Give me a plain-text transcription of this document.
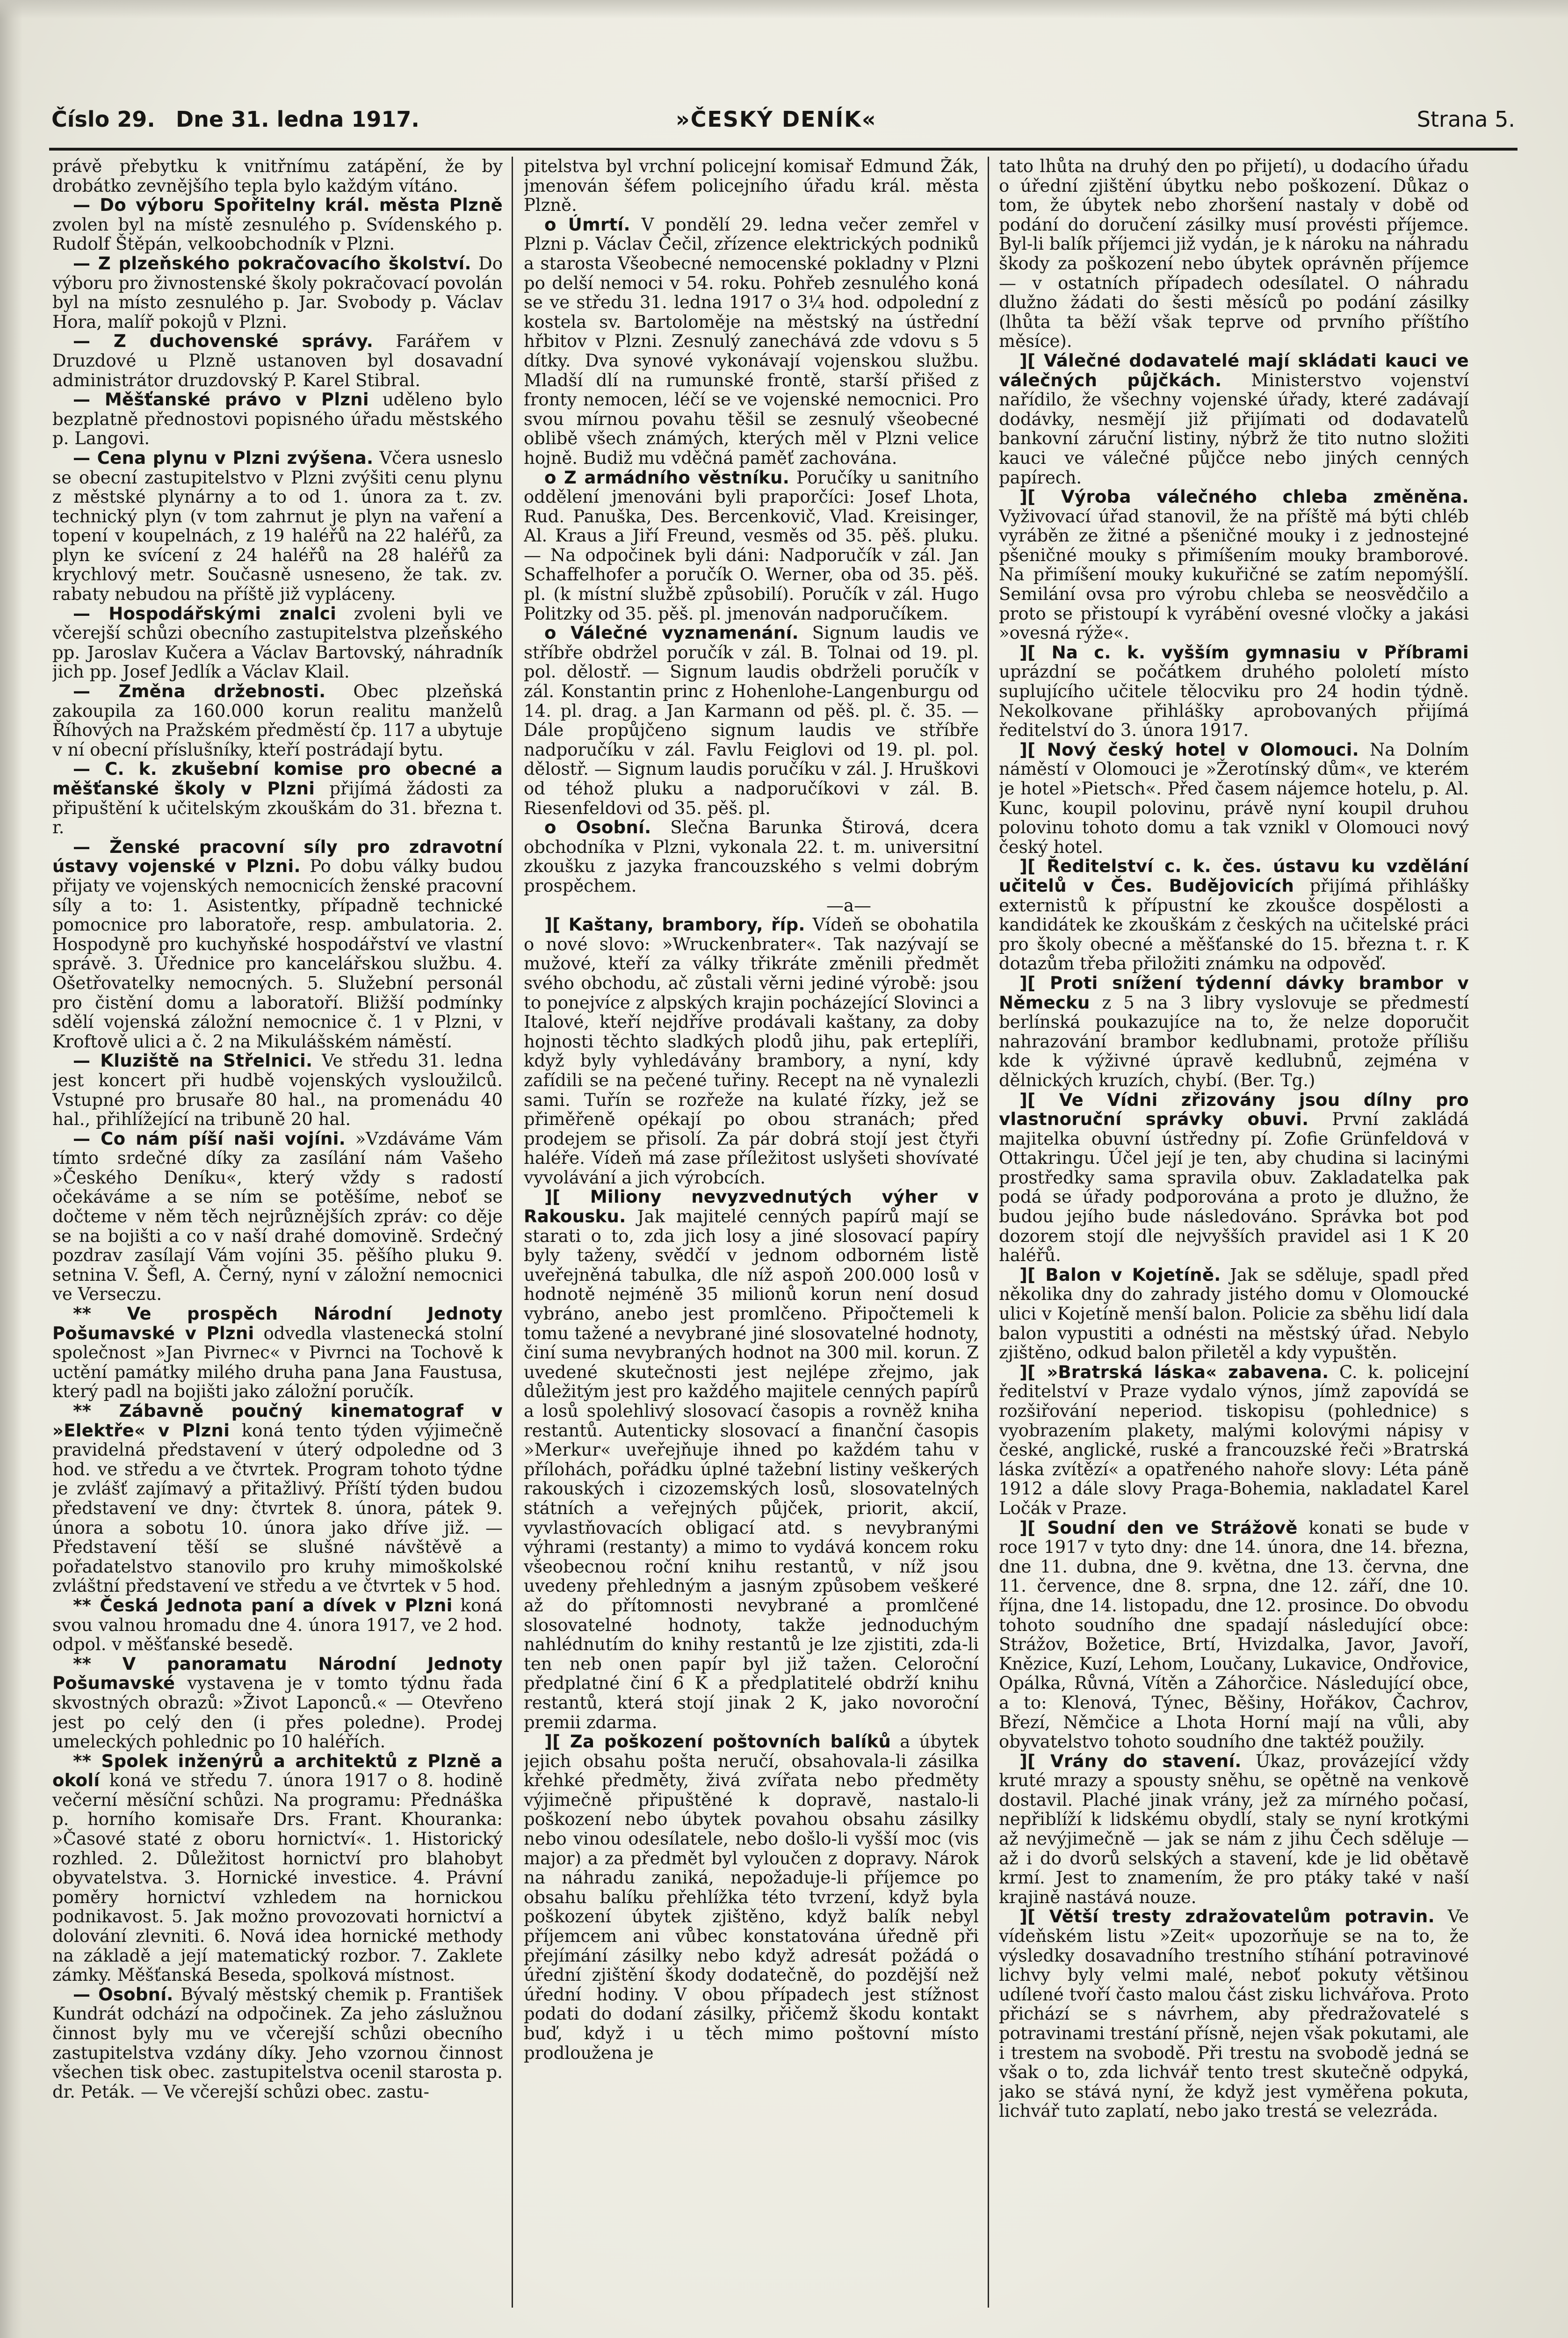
Číslo 29. Dne 31. ledna 1917.	»ČESKÝ DENÍK«	Strana 5.

právě přebytku k vnitřnímu zatápění, že by drobátko zevnějšího tepla bylo každým vítáno.

— Do výboru Spořitelny král. města Plzně zvolen byl na místě zesnulého p. Svídenského p. Rudolf Štěpán, velkoobchodník v Plzni.

— Z plzeňského pokračovacího školství. Do výboru pro živnostenské školy pokračovací povolán byl na místo zesnulého p. Jar. Svobody p. Václav Hora, malíř pokojů v Plzni.

— Z duchovenské správy. Farářem v Druzdové u Plzně ustanoven byl dosavadní administrátor druzdovský P. Karel Stibral.

— Měšťanské právo v Plzni uděleno bylo bezplatně přednostovi popisného úřadu městského p. Langovi.

— Cena plynu v Plzni zvýšena. Včera usneslo se obecní zastupitelstvo v Plzni zvýšiti cenu plynu z městské plynárny a to od 1. února za t. zv. technický plyn (v tom zahrnut je plyn na vaření a topení v koupelnách, z 19 haléřů na 22 haléřů, za plyn ke svícení z 24 haléřů na 28 haléřů za krychlový metr. Současně usneseno, že tak. zv. rabaty nebudou na příště již vypláceny.

— Hospodářskými znalci zvoleni byli ve včerejší schůzi obecního zastupitelstva plzeňského pp. Jaroslav Kučera a Václav Bartovský, náhradník jich pp. Josef Jedlík a Václav Klail.

— Změna držebnosti. Obec plzeňská zakoupila za 160.000 korun realitu manželů Říhových na Pražském předměstí čp. 117 a ubytuje v ní obecní příslušníky, kteří postrádají bytu.

— C. k. zkušební komise pro obecné a měšťanské školy v Plzni přijímá žádosti za připuštění k učitelským zkouškám do 31. března t. r.

— Ženské pracovní síly pro zdravotní ústavy vojenské v Plzni. Po dobu války budou přijaty ve vojenských nemocnicích ženské pracovní síly a to: 1. Asistentky, případně technické pomocnice pro laboratoře, resp. ambulatoria. 2. Hospodyně pro kuchyňské hospodářství ve vlastní správě. 3. Úřednice pro kancelářskou službu. 4. Ošetřovatelky nemocných. 5. Služební personál pro čistění domu a laboratoří. Bližší podmínky sdělí vojenská záložní nemocnice č. 1 v Plzni, v Kroftově ulici a č. 2 na Mikulášském náměstí.

— Kluziště na Střelnici. Ve středu 31. ledna jest koncert při hudbě vojenských vysloužilců. Vstupné pro brusaře 80 hal., na promenádu 40 hal., přihlížející na tribuně 20 hal.

— Co nám píší naši vojíni. »Vzdáváme Vám tímto srdečné díky za zasílání nám Vašeho »Českého Deníku«, který vždy s radostí očekáváme a se ním se potěšíme, neboť se dočteme v něm těch nejrůznějších zpráv: co děje se na bojišti a co v naší drahé domovině. Srdečný pozdrav zasílají Vám vojíni 35. pěšího pluku 9. setnina V. Šefl, A. Černý, nyní v záložní nemocnici ve Verseczu.

** Ve prospěch Národní Jednoty Pošumavské v Plzni odvedla vlastenecká stolní společnost »Jan Pivrnec« v Pivrnci na Tochově k uctění památky milého druha pana Jana Faustusa, který padl na bojišti jako záložní poručík.

** Zábavně poučný kinematograf v »Elektře« v Plzni koná tento týden výjimečně pravidelná představení v úterý odpoledne od 3 hod. ve středu a ve čtvrtek. Program tohoto týdne je zvlášť zajímavý a přitažlivý. Příští týden budou představení ve dny: čtvrtek 8. února, pátek 9. února a sobotu 10. února jako dříve již. — Představení těší se slušné návštěvě a pořadatelstvo stanovilo pro kruhy mimoškolské zvláštní představení ve středu a ve čtvrtek v 5 hod.

** Česká Jednota paní a dívek v Plzni koná svou valnou hromadu dne 4. února 1917, ve 2 hod. odpol. v měšťanské besedě.

** V panoramatu Národní Jednoty Pošumavské vystavena je v tomto týdnu řada skvostných obrazů: »Život Laponců.« — Otevřeno jest po celý den (i přes poledne). Prodej umeleckých pohlednic po 10 haléřích.

** Spolek inženýrů a architektů z Plzně a okolí koná ve středu 7. února 1917 o 8. hodině večerní měsíční schůzi. Na programu: Přednáška p. horního komisaře Drs. Frant. Khouranka: »Časové staté z oboru hornictví«. 1. Historický rozhled. 2. Důležitost hornictví pro blahobyt obyvatelstva. 3. Hornické investice. 4. Právní poměry hornictví vzhledem na hornickou podnikavost. 5. Jak možno provozovati hornictví a dolování zlevniti. 6. Nová idea hornické methody na základě a její matematický rozbor. 7. Zaklete zámky. Měšťanská Beseda, spolková místnost.

— Osobní. Bývalý městský chemik p. František Kundrát odchází na odpočinek. Za jeho záslužnou činnost byly mu ve včerejší schůzi obecního zastupitelstva vzdány díky. Jeho vzornou činnost všechen tisk obec. zastupitelstva ocenil starosta p. dr. Peták. — Ve včerejší schůzi obec. zastu-

pitelstva byl vrchní policejní komisař Edmund Žák, jmenován šéfem policejního úřadu král. města Plzně.

o Úmrtí. V pondělí 29. ledna večer zemřel v Plzni p. Václav Čečil, zřízence elektrických podniků a starosta Všeobecné nemocenské pokladny v Plzni po delší nemoci v 54. roku. Pohřeb zesnulého koná se ve středu 31. ledna 1917 o 3¼ hod. odpolední z kostela sv. Bartoloměje na městský na ústřední hřbitov v Plzni. Zesnulý zanechává zde vdovu s 5 dítky. Dva synové vykonávají vojenskou službu. Mladší dlí na rumunské frontě, starší přišed z fronty nemocen, léčí se ve vojenské nemocnici. Pro svou mírnou povahu těšil se zesnulý všeobecné oblibě všech známých, kterých měl v Plzni velice hojně. Budiž mu vděčná paměť zachována.

o Z armádního věstníku. Poručíky u sanitního oddělení jmenováni byli praporčíci: Josef Lhota, Rud. Panuška, Des. Bercenkovič, Vlad. Kreisinger, Al. Kraus a Jiří Freund, vesměs od 35. pěš. pluku. — Na odpočinek byli dáni: Nadporučík v zál. Jan Schaffelhofer a poručík O. Werner, oba od 35. pěš. pl. (k místní službě způsobilí). Poručík v zál. Hugo Politzky od 35. pěš. pl. jmenován nadporučíkem.

o Válečné vyznamenání. Signum laudis ve stříbře obdržel poručík v zál. B. Tolnai od 19. pl. pol. dělostř. — Signum laudis obdrželi poručík v zál. Konstantin princ z Hohenlohe-Langenburgu od 14. pl. drag. a Jan Karmann od pěš. pl. č. 35. — Dále propůjčeno signum laudis ve stříbře nadporučíku v zál. Favlu Feiglovi od 19. pl. pol. dělostř. — Signum laudis poručíku v zál. J. Hruškovi od téhož pluku a nadporučíkovi v zál. B. Riesenfeldovi od 35. pěš. pl.

o Osobní. Slečna Barunka Štirová, dcera obchodníka v Plzni, vykonala 22. t. m. universitní zkoušku z jazyka francouzského s velmi dobrým prospěchem.

—a—

][ Kaštany, brambory, říp. Vídeň se obohatila o nové slovo: »Wruckenbrater«. Tak nazývají se mužové, kteří za války třikráte změnili předmět svého obchodu, ač zůstali věrni jediné výrobě: jsou to ponejvíce z alpských krajin pocházející Slovinci a Italové, kteří nejdříve prodávali kaštany, za doby hojnosti těchto sladkých plodů jihu, pak erteplíři, když byly vyhledávány brambory, a nyní, kdy zafídili se na pečené tuřiny. Recept na ně vynalezli sami. Tuřín se rozřeže na kulaté řízky, jež se přiměřeně opékají po obou stranách; před prodejem se přisolí. Za pár dobrá stojí jest čtyři haléře. Vídeň má zase příležitost uslyšeti shovívaté vyvolávání a jich výrobcích.

][ Miliony nevyzvednutých výher v Rakousku. Jak majitelé cenných papírů mají se starati o to, zda jich losy a jiné slosovací papíry byly taženy, svědčí v jednom odborném listě uveřejněná tabulka, dle níž aspoň 200.000 losů v hodnotě nejméně 35 milionů korun není dosud vybráno, anebo jest promlčeno. Připočtemeli k tomu tažené a nevybrané jiné slosovatelné hodnoty, činí suma nevybraných hodnot na 300 mil. korun. Z uvedené skutečnosti jest nejlépe zřejmo, jak důležitým jest pro každého majitele cenných papírů a losů spolehlivý slosovací časopis a rovněž kniha restantů. Autenticky slosovací a finanční časopis »Merkur« uveřejňuje ihned po každém tahu v přílohách, pořádku úplné tažební listiny veškerých rakouských i cizozemských losů, slosovatelných státních a veřejných půjček, priorit, akcií, vyvlastňovacích obligací atd. s nevybranými výhrami (restanty) a mimo to vydává koncem roku všeobecnou roční knihu restantů, v níž jsou uvedeny přehledným a jasným způsobem veškeré až do přítomnosti nevybrané a promlčené slosovatelné hodnoty, takže jednoduchým nahlédnutím do knihy restantů je lze zjistiti, zda-li ten neb onen papír byl již tažen. Celoroční předplatné činí 6 K a předplatitelé obdrží knihu restantů, která stojí jinak 2 K, jako novoroční premii zdarma.

][ Za poškození poštovních balíků a úbytek jejich obsahu pošta neručí, obsahovala-li zásilka křehké předměty, živá zvířata nebo předměty výjimečně připuštěné k dopravě, nastalo-li poškození nebo úbytek povahou obsahu zásilky nebo vinou odesílatele, nebo došlo-li vyšší moc (vis major) a za předmět byl vyloučen z dopravy. Nárok na náhradu zaniká, nepožaduje-li příjemce po obsahu balíku přehlížka této tvrzení, když byla poškození úbytek zjištěno, když balík nebyl příjemcem ani vůbec konstatována úředně při přejímání zásilky nebo když adresát požádá o úřední zjištění škody dodatečně, do pozdější než úřední hodiny. V obou případech jest stížnost podati do dodaní zásilky, přičemž škodu kontakt buď, když i u těch mimo poštovní místo prodloužena je

tato lhůta na druhý den po přijetí), u dodacího úřadu o úřední zjištění úbytku nebo poškození. Důkaz o tom, že úbytek nebo zhoršení nastaly v době od podání do doručení zásilky musí provésti příjemce. Byl-li balík příjemci již vydán, je k nároku na náhradu škody za poškození nebo úbytek oprávněn příjemce — v ostatních případech odesílatel. O náhradu dlužno žádati do šesti měsíců po podání zásilky (lhůta ta běží však teprve od prvního příštího měsíce).

][ Válečné dodavatelé mají skládati kauci ve válečných půjčkách. Ministerstvo vojenství nařídilo, že všechny vojenské úřady, které zadávají dodávky, nesmějí již přijímati od dodavatelů bankovní záruční listiny, nýbrž že tito nutno složiti kauci ve válečné půjčce nebo jiných cenných papírech.

][ Výroba válečného chleba změněna. Vyživovací úřad stanovil, že na příště má býti chléb vyráběn ze žitné a pšeničné mouky i z jednostejné pšeničné mouky s přimíšením mouky bramborové. Na přimíšení mouky kukuřičné se zatím nepomýšlí. Semilání ovsa pro výrobu chleba se neosvědčilo a proto se přistoupí k vyrábění ovesné vločky a jakási »ovesná rýže«.

][ Na c. k. vyšším gymnasiu v Příbrami uprázdní se počátkem druhého pololetí místo suplujícího učitele tělocviku pro 24 hodin týdně. Nekolkovane přihlášky aprobovaných přijímá ředitelství do 3. února 1917.

][ Nový český hotel v Olomouci. Na Dolním náměstí v Olomouci je »Žerotínský dům«, ve kterém je hotel »Pietsch«. Před časem nájemce hotelu, p. Al. Kunc, koupil polovinu, právě nyní koupil druhou polovinu tohoto domu a tak vznikl v Olomouci nový český hotel.

][ Ředitelství c. k. čes. ústavu ku vzdělání učitelů v Čes. Budějovicích přijímá přihlášky externistů k přípustní ke zkoušce dospělosti a kandidátek ke zkouškám z českých na učitelské práci pro školy obecné a měšťanské do 15. března t. r. K dotazům třeba přiložiti známku na odpověď.

][ Proti snížení týdenní dávky brambor v Německu z 5 na 3 libry vyslovuje se předmestí berlínská poukazujíce na to, že nelze doporučit nahrazování brambor kedlubnami, protože přílišu kde k výživné úpravě kedlubnů, zejména v dělnických kruzích, chybí. (Ber. Tg.)

][ Ve Vídni zřizovány jsou dílny pro vlastnoruční správky obuvi. První zakládá majitelka obuvní ústředny pí. Zofie Grünfeldová v Ottakringu. Účel její je ten, aby chudina si lacinými prostředky sama spravila obuv. Zakladatelka pak podá se úřady podporována a proto je dlužno, že budou jejího bude následováno. Správka bot pod dozorem stojí dle nejvyšších pravidel asi 1 K 20 haléřů.

][ Balon v Kojetíně. Jak se sděluje, spadl před několika dny do zahrady jistého domu v Olomoucké ulici v Kojetíně menší balon. Policie za sběhu lidí dala balon vypustiti a odnésti na městský úřad. Nebylo zjištěno, odkud balon přiletěl a kdy vypuštěn.

][ »Bratrská láska« zabavena. C. k. policejní ředitelství v Praze vydalo výnos, jímž zapovídá se rozšiřování neperiod. tiskopisu (pohlednice) s vyobrazením plakety, malými kolovými nápisy v české, anglické, ruské a francouzské řeči »Bratrská láska zvítězí« a opatřeného nahoře slovy: Léta páně 1912 a dále slovy Praga-Bohemia, nakladatel Karel Ločák v Praze.

][ Soudní den ve Strážově konati se bude v roce 1917 v tyto dny: dne 14. února, dne 14. března, dne 11. dubna, dne 9. května, dne 13. června, dne 11. července, dne 8. srpna, dne 12. září, dne 10. října, dne 14. listopadu, dne 12. prosince. Do obvodu tohoto soudního dne spadají následující obce: Strážov, Božetice, Brtí, Hvizdalka, Javor, Javoří, Knězice, Kuzí, Lehom, Loučany, Lukavice, Ondřovice, Opálka, Růvná, Vítěn a Záhorčice. Následující obce, a to: Klenová, Týnec, Běšiny, Hořákov, Čachrov, Březí, Němčice a Lhota Horní mají na vůli, aby obyvatelstvo tohoto soudního dne taktéž použily.

][ Vrány do stavení. Úkaz, provázející vždy kruté mrazy a spousty sněhu, se opětně na venkově dostavil. Plaché jinak vrány, jež za mírného počasí, nepřiblíží k lidskému obydlí, staly se nyní krotkými až nevýjimečně — jak se nám z jihu Čech sděluje — až i do dvorů selských a stavení, kde je lid obětavě krmí. Jest to znamením, že pro ptáky také v naší krajině nastává nouze.

][ Větší tresty zdražovatelům potravin. Ve vídeňském listu »Zeit« upozorňuje se na to, že výsledky dosavadního trestního stíhání potravinové lichvy byly velmi malé, neboť pokuty většinou udílené tvoří často malou část zisku lichvářova. Proto přichází se s návrhem, aby předražovatelé s potravinami trestání přísně, nejen však pokutami, ale i trestem na svobodě. Při trestu na svobodě jedná se však o to, zda lichvář tento trest skutečně odpyká, jako se stává nyní, že když jest vyměřena pokuta, lichvář tuto zaplatí, nebo jako trestá se velezráda.
